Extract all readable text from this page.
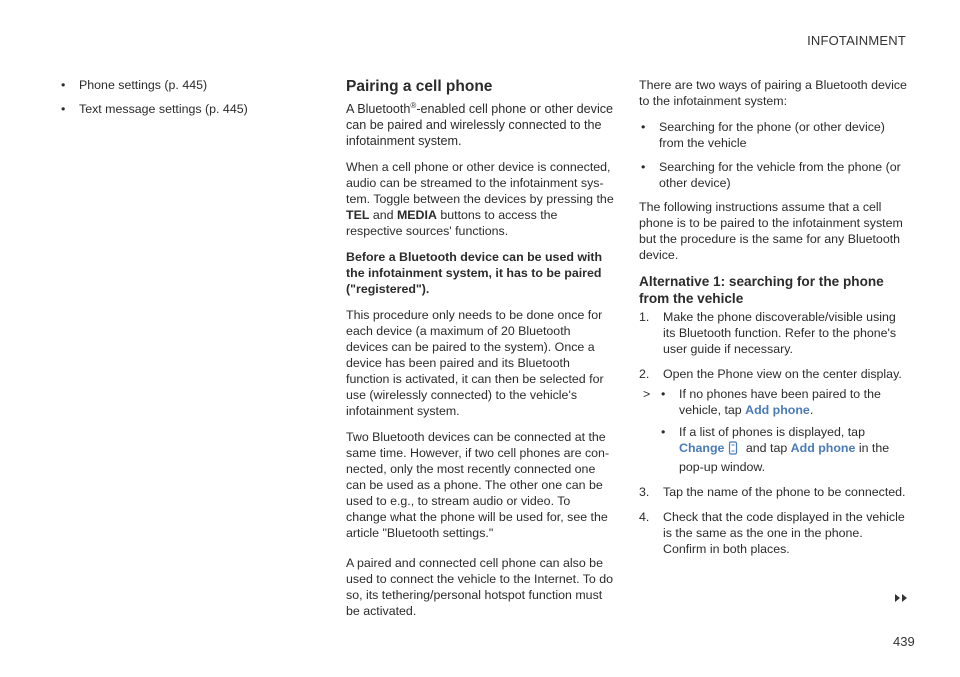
INFOTAINMENT
• Phone settings (p. 445)
• Text message settings (p. 445)
Pairing a cell phone

A Bluetooth®-enabled cell phone or other device can be paired and wirelessly connected to the infotainment system.

When a cell phone or other device is connected, audio can be streamed to the infotainment system. Toggle between the devices by pressing the TEL and MEDIA buttons to access the respective sources' functions.

Before a Bluetooth device can be used with the infotainment system, it has to be paired ("registered").

This procedure only needs to be done once for each device (a maximum of 20 Bluetooth devices can be paired to the system). Once a device has been paired and its Bluetooth function is activated, it can then be selected for use (wirelessly connected) to the vehicle's infotainment system.

Two Bluetooth devices can be connected at the same time. However, if two cell phones are connected, only the most recently connected one can be used as a phone. The other one can be used to e.g., to stream audio or video. To change what the phone will be used for, see the article "Bluetooth settings."

A paired and connected cell phone can also be used to connect the vehicle to the Internet. To do so, its tethering/personal hotspot function must be activated.

There are two ways of pairing a Bluetooth device to the infotainment system:

• Searching for the phone (or other device) from the vehicle
• Searching for the vehicle from the phone (or other device)

The following instructions assume that a cell phone is to be paired to the infotainment system but the procedure is the same for any Bluetooth device.

Alternative 1: searching for the phone from the vehicle
1. Make the phone discoverable/visible using its Bluetooth function. Refer to the phone's user guide if necessary.
2. Open the Phone view on the center display.
> • If no phones have been paired to the vehicle, tap Add phone.
• If a list of phones is displayed, tap Change and tap Add phone in the pop-up window.
3. Tap the name of the phone to be connected.
4. Check that the code displayed in the vehicle is the same as the one in the phone. Confirm in both places.
439
